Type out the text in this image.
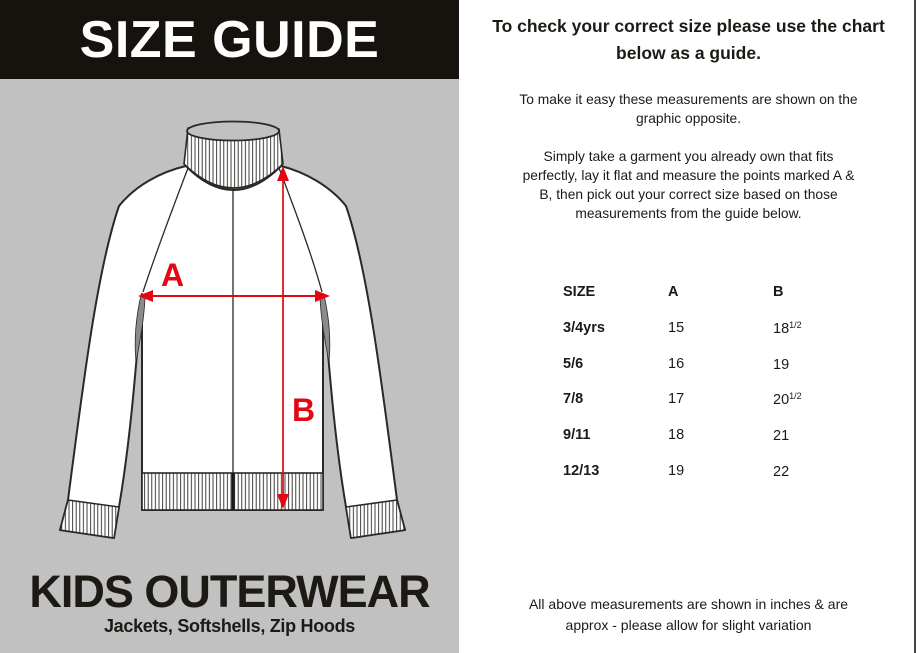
SIZE GUIDE
A
B
KIDS OUTERWEAR
Jackets, Softshells, Zip Hoods
To check your correct size please use the chart below as a guide.
To make it easy these measurements are shown on the graphic opposite.
Simply take a garment you already own that fits perfectly, lay it flat and measure the points marked A & B, then pick out your correct size based on those measurements from the guide below.
SIZE	A	B
3/4yrs	15	$18^{1/2}$
5/6	16	19
7/8	17	$20^{1/2}$
9/11	18	21
12/13	19	22
All above measurements are shown in inches & are approx - please allow for slight variation
